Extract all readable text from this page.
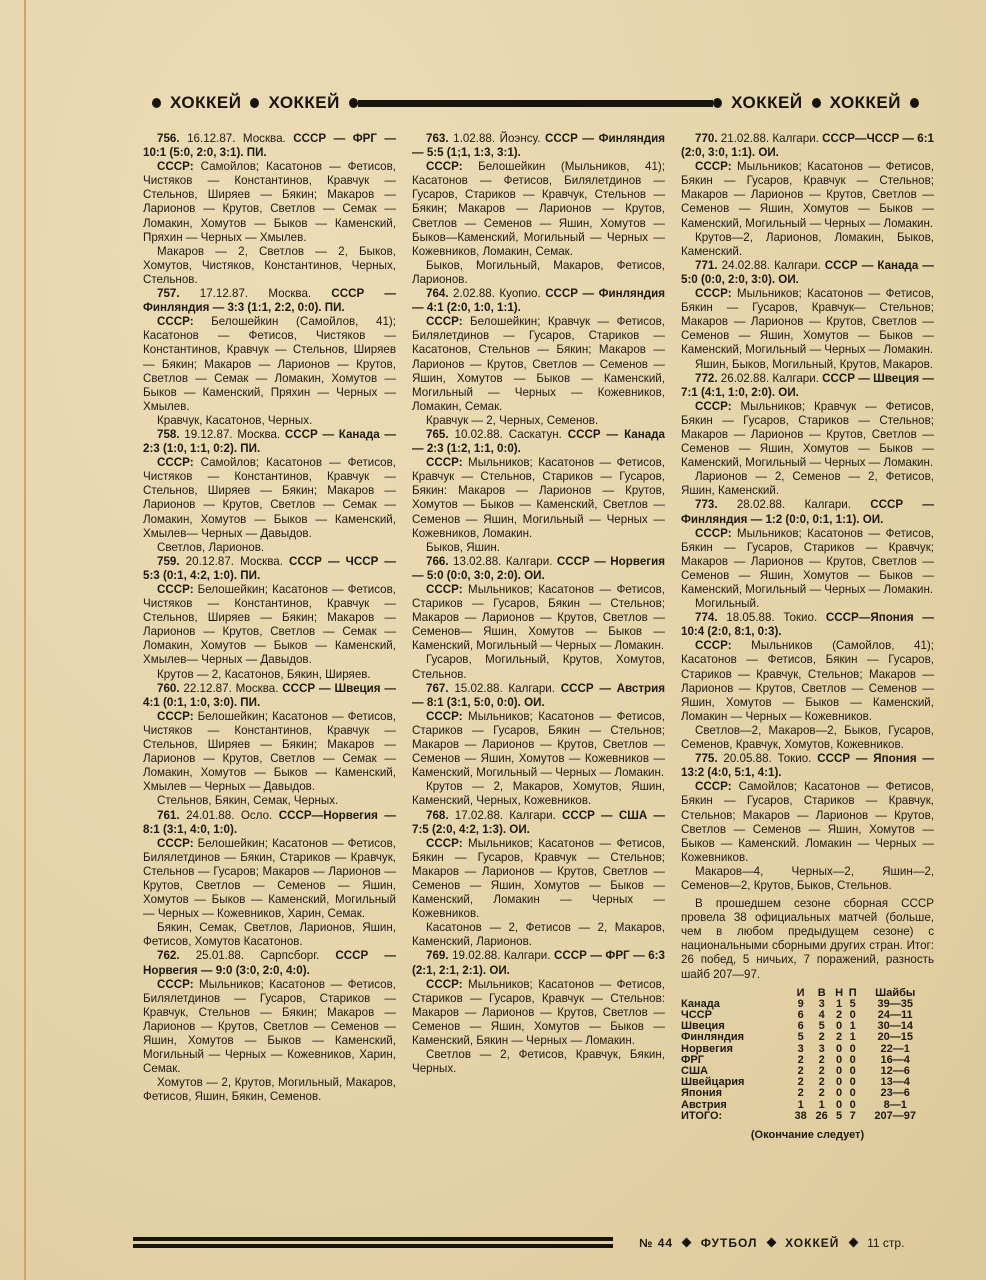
ХОККЕЙ ХОККЕЙ	ХОККЕЙ ХОККЕЙ

756. 16.12.87. Москва. СССР — ФРГ — 10:1 (5:0, 2:0, 3:1). ПИ.

СССР: Самойлов; Касатонов — Фетисов, Чистяков — Константинов, Кравчук — Стельнов, Ширяев — Бякин; Макаров — Ларионов — Крутов, Светлов — Семак — Ломакин, Хомутов — Быков — Каменский, Пряхин — Черных — Хмылев.

Макаров — 2, Светлов — 2, Быков, Хомутов, Чистяков, Константинов, Черных, Стельнов.

757. 17.12.87. Москва. СССР — Финляндия — 3:3 (1:1, 2:2, 0:0). ПИ.

СССР: Белошейкин (Самойлов, 41); Касатонов — Фетисов, Чистяков — Константинов, Кравчук — Стельнов, Ширяев — Бякин; Макаров — Ларионов — Крутов, Светлов — Семак — Ломакин, Хомутов — Быков — Каменский, Пряхин — Черных — Хмылев.

Кравчук, Касатонов, Черных.

758. 19.12.87. Москва. СССР — Канада — 2:3 (1:0, 1:1, 0:2). ПИ.

СССР: Самойлов; Касатонов — Фетисов, Чистяков — Константинов, Кравчук — Стельнов, Ширяев — Бякин; Макаров — Ларионов — Крутов, Светлов — Семак — Ломакин, Хомутов — Быков — Каменский, Хмылев— Черных — Давыдов.

Светлов, Ларионов.

759. 20.12.87. Москва. СССР — ЧССР — 5:3 (0:1, 4:2, 1:0). ПИ.

СССР: Белошейкин; Касатонов — Фетисов, Чистяков — Константинов, Кравчук — Стельнов, Ширяев — Бякин; Макаров — Ларионов — Крутов, Светлов — Семак — Ломакин, Хомутов — Быков — Каменский, Хмылев— Черных — Давыдов.

Крутов — 2, Касатонов, Бякин, Ширяев.

760. 22.12.87. Москва. СССР — Швеция — 4:1 (0:1, 1:0, 3:0). ПИ.

СССР: Белошейкин; Касатонов — Фетисов, Чистяков — Константинов, Кравчук — Стельнов, Ширяев — Бякин; Макаров — Ларионов — Крутов, Светлов — Семак — Ломакин, Хомутов — Быков — Каменский, Хмылев — Черных — Давыдов.

Стельнов, Бякин, Семак, Черных.

761. 24.01.88. Осло. СССР—Норвегия — 8:1 (3:1, 4:0, 1:0).

СССР: Белошейкин; Касатонов — Фетисов, Билялетдинов — Бякин, Стариков — Кравчук, Стельнов — Гусаров; Макаров — Ларионов — Крутов, Светлов — Семенов — Яшин, Хомутов — Быков — Каменский, Могильный — Черных — Кожевников, Харин, Семак.

Бякин, Семак, Светлов, Ларионов, Яшин, Фетисов, Хомутов Касатонов.

762. 25.01.88. Сарпсборг. СССР — Норвегия — 9:0 (3:0, 2:0, 4:0).

СССР: Мыльников; Касатонов — Фетисов, Билялетдинов — Гусаров, Стариков — Кравчук, Стельнов — Бякин; Макаров — Ларионов — Крутов, Светлов — Семенов — Яшин, Хомутов — Быков — Каменский, Могильный — Черных — Кожевников, Харин, Семак.

Хомутов — 2, Крутов, Могильный, Макаров, Фетисов, Яшин, Бякин, Семенов.

763. 1.02.88. Йоэнсу. СССР — Финляндия — 5:5 (1;1, 1:3, 3:1).

СССР: Белошейкин (Мыльников, 41); Касатонов — Фетисов, Билялетдинов — Гусаров, Стариков — Кравчук, Стельнов — Бякин; Макаров — Ларионов — Крутов, Светлов — Семенов — Яшин, Хомутов — Быков—Каменский, Могильный — Черных — Кожевников, Ломакин, Семак.

Быков, Могильный, Макаров, Фетисов, Ларионов.

764. 2.02.88. Куопио. СССР — Финляндия — 4:1 (2:0, 1:0, 1:1).

СССР: Белошейкин; Кравчук — Фетисов, Билялетдинов — Гусаров, Стариков — Касатонов, Стельнов — Бякин; Макаров — Ларионов — Крутов, Светлов — Семенов — Яшин, Хомутов — Быков — Каменский, Могильный — Черных — Кожевников, Ломакин, Семак.

Кравчук — 2, Черных, Семенов.

765. 10.02.88. Саскатун. СССР — Канада — 2:3 (1:2, 1:1, 0:0).

СССР: Мыльников; Касатонов — Фетисов, Кравчук — Стельнов, Стариков — Гусаров, Бякин: Макаров — Ларионов — Крутов, Хомутов — Быков — Каменский, Светлов — Семенов — Яшин, Могильный — Черных — Кожевников, Ломакин.

Быков, Яшин.

766. 13.02.88. Калгари. СССР — Норвегия — 5:0 (0:0, 3:0, 2:0). ОИ.

СССР: Мыльников; Касатонов — Фетисов, Стариков — Гусаров, Бякин — Стельнов; Макаров — Ларионов — Крутов, Светлов — Семенов— Яшин, Хомутов — Быков — Каменский, Могильный — Черных — Ломакин.

Гусаров, Могильный, Крутов, Хомутов, Стельнов.

767. 15.02.88. Калгари. СССР — Австрия — 8:1 (3:1, 5:0, 0:0). ОИ.

СССР: Мыльников; Касатонов — Фетисов, Стариков — Гусаров, Бякин — Стельнов; Макаров — Ларионов — Крутов, Светлов — Семенов — Яшин, Хомутов — Кожевников — Каменский, Могильный — Черных — Ломакин.

Крутов — 2, Макаров, Хомутов, Яшин, Каменский, Черных, Кожевников.

768. 17.02.88. Калгари. СССР — США — 7:5 (2:0, 4:2, 1:3). ОИ.

СССР: Мыльников; Касатонов — Фетисов, Бякин — Гусаров, Кравчук — Стельнов; Макаров — Ларионов — Крутов, Светлов — Семенов — Яшин, Хомутов — Быков — Каменский, Ломакин — Черных — Кожевников.

Касатонов — 2, Фетисов — 2, Макаров, Каменский, Ларионов.

769. 19.02.88. Калгари. СССР — ФРГ — 6:3 (2:1, 2:1, 2:1). ОИ.

СССР: Мыльников; Касатонов — Фетисов, Стариков — Гусаров, Кравчук — Стельнов: Макаров — Ларионов — Крутов, Светлов — Семенов — Яшин, Хомутов — Быков — Каменский, Бякин — Черных — Ломакин.

Светлов — 2, Фетисов, Кравчук, Бякин, Черных.

770. 21.02.88. Калгари. СССР—ЧССР — 6:1 (2:0, 3:0, 1:1). ОИ.

СССР: Мыльников; Касатонов — Фетисов, Бякин — Гусаров, Кравчук — Стельнов; Макаров — Ларионов — Крутов, Светлов — Семенов — Яшин, Хомутов — Быков — Каменский, Могильный — Черных — Ломакин.

Крутов—2, Ларионов, Ломакин, Быков, Каменский.

771. 24.02.88. Калгари. СССР — Канада — 5:0 (0:0, 2:0, 3:0). ОИ.

СССР: Мыльников; Касатонов — Фетисов, Бякин — Гусаров, Кравчук— Стельнов; Макаров — Ларионов — Крутов, Светлов — Семенов — Яшин, Хомутов — Быков — Каменский, Могильный — Черных — Ломакин.

Яшин, Быков, Могильный, Крутов, Макаров.

772. 26.02.88. Калгари. СССР — Швеция — 7:1 (4:1, 1:0, 2:0). ОИ.

СССР: Мыльников; Кравчук — Фетисов, Бякин — Гусаров, Стариков — Стельнов; Макаров — Ларионов — Крутов, Светлов — Семенов — Яшин, Хомутов — Быков — Каменский, Могильный — Черных — Ломакин.

Ларионов — 2, Семенов — 2, Фетисов, Яшин, Каменский.

773. 28.02.88. Калгари. СССР — Финляндия — 1:2 (0:0, 0:1, 1:1). ОИ.

СССР: Мыльников; Касатонов — Фетисов, Бякин — Гусаров, Стариков — Кравчук; Макаров — Ларионов — Крутов, Светлов — Семенов — Яшин, Хомутов — Быков — Каменский, Могильный — Черных — Ломакин.

Могильный.

774. 18.05.88. Токио. СССР—Япония — 10:4 (2:0, 8:1, 0:3).

СССР: Мыльников (Самойлов, 41); Касатонов — Фетисов, Бякин — Гусаров, Стариков — Кравчук, Стельнов; Макаров — Ларионов — Крутов, Светлов — Семенов — Яшин, Хомутов — Быков — Каменский, Ломакин — Черных — Кожевников.

Светлов—2, Макаров—2, Быков, Гусаров, Семенов, Кравчук, Хомутов, Кожевников.

775. 20.05.88. Токио. СССР — Япония — 13:2 (4:0, 5:1, 4:1).

СССР: Самойлов; Касатонов — Фетисов, Бякин — Гусаров, Стариков — Кравчук, Стельнов; Макаров — Ларионов — Крутов, Светлов — Семенов — Яшин, Хомутов — Быков — Каменский. Ломакин — Черных — Кожевников.

Макаров—4, Черных—2, Яшин—2, Семенов—2, Крутов, Быков, Стельнов.

В прошедшем сезоне сборная СССР провела 38 официальных матчей (больше, чем в любом предыдущем сезоне) с национальными сборными других стран. Итог: 26 побед, 5 ничьих, 7 поражений, разность шайб 207—97.

	И	В	Н	П	Шайбы
Канада	9	3	1	5	39—35
ЧССР	6	4	2	0	24—11
Швеция	6	5	0	1	30—14
Финляндия	5	2	2	1	20—15
Норвегия	3	3	0	0	22—1
ФРГ	2	2	0	0	16—4
США	2	2	0	0	12—6
Швейцария	2	2	0	0	13—4
Япония	2	2	0	0	23—6
Австрия	1	1	0	0	8—1
ИТОГО:	38	26	5	7	207—97
(Окончание следует)
№ 44 ФУТБОЛ ХОККЕЙ 11 стр.
